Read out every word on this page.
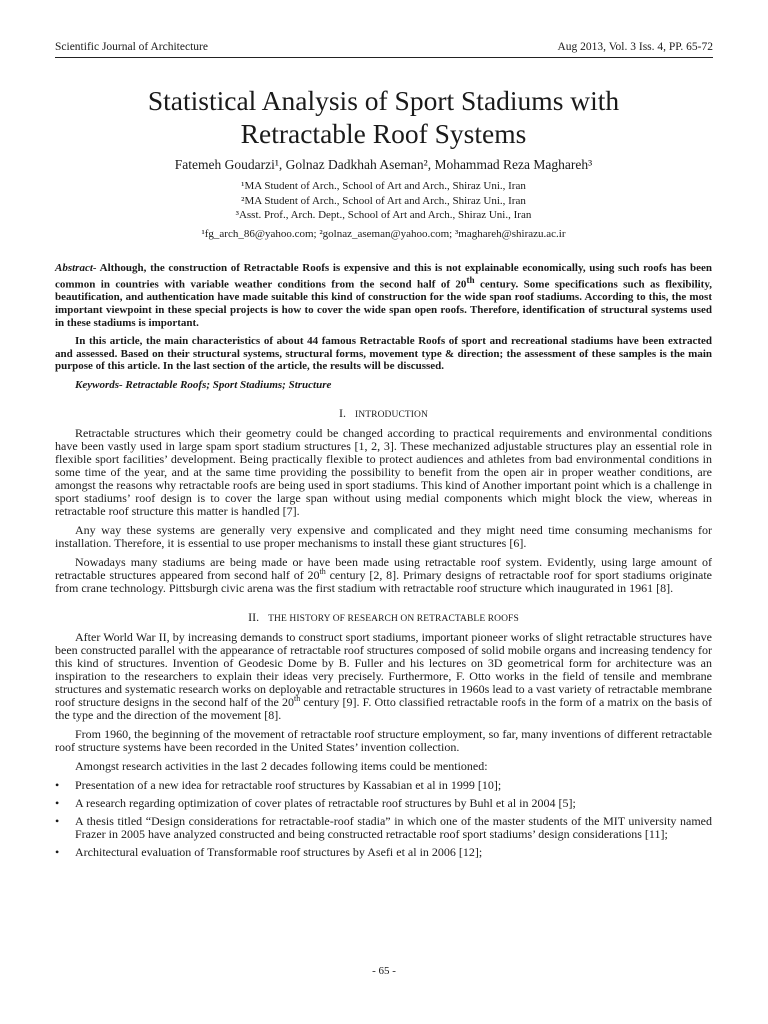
Scientific Journal of Architecture	Aug 2013, Vol. 3 Iss. 4, PP. 65-72
Statistical Analysis of Sport Stadiums with
Retractable Roof Systems
Fatemeh Goudarzi¹, Golnaz Dadkhah Aseman², Mohammad Reza Maghareh³
¹MA Student of Arch., School of Art and Arch., Shiraz Uni., Iran
²MA Student of Arch., School of Art and Arch., Shiraz Uni., Iran
³Asst. Prof., Arch. Dept., School of Art and Arch., Shiraz Uni., Iran
¹fg_arch_86@yahoo.com; ²golnaz_aseman@yahoo.com; ³maghareh@shirazu.ac.ir

Abstract- Although, the construction of Retractable Roofs is expensive and this is not explainable economically, using such roofs has been common in countries with variable weather conditions from the second half of 20th century. Some specifications such as flexibility, beautification, and authentication have made suitable this kind of construction for the wide span roof stadiums. According to this, the most important viewpoint in these special projects is how to cover the wide span open roofs. Therefore, identification of structural systems used in these stadiums is important.

In this article, the main characteristics of about 44 famous Retractable Roofs of sport and recreational stadiums have been extracted and assessed. Based on their structural systems, structural forms, movement type & direction; the assessment of these samples is the main purpose of this article. In the last section of the article, the results will be discussed.

Keywords- Retractable Roofs; Sport Stadiums; Structure
I. INTRODUCTION

Retractable structures which their geometry could be changed according to practical requirements and environmental conditions have been vastly used in large spam sport stadium structures [1, 2, 3]. These mechanized adjustable structures play an essential role in flexible sport facilities’ development. Being practically flexible to protect audiences and athletes from bad environmental conditions in some time of the year, and at the same time providing the possibility to benefit from the open air in proper weather conditions, are amongst the reasons why retractable roofs are being used in sport stadiums. This kind of Another important point which is a challenge in sport stadiums’ roof design is to cover the large span without using medial components which might block the view, whereas in retractable roof structure this matter is handled [7].

Any way these systems are generally very expensive and complicated and they might need time consuming mechanisms for installation. Therefore, it is essential to use proper mechanisms to install these giant structures [6].

Nowadays many stadiums are being made or have been made using retractable roof system. Evidently, using large amount of retractable structures appeared from second half of 20th century [2, 8]. Primary designs of retractable roof for sport stadiums originate from crane technology. Pittsburgh civic arena was the first stadium with retractable roof structure which inaugurated in 1961 [8].

II. THE HISTORY OF RESEARCH ON RETRACTABLE ROOFS

After World War II, by increasing demands to construct sport stadiums, important pioneer works of slight retractable structures have been constructed parallel with the appearance of retractable roof structures composed of solid mobile organs and increasing tendency for this kind of structures. Invention of Geodesic Dome by B. Fuller and his lectures on 3D geometrical form for architecture was an inspiration to the researchers to explain their ideas very precisely. Furthermore, F. Otto works in the field of tensile and membrane structures and systematic research works on deployable and retractable structures in 1960s lead to a vast variety of retractable membrane roof structure designs in the second half of the 20th century [9]. F. Otto classified retractable roofs in the form of a matrix on the basis of the type and the direction of the movement [8].

From 1960, the beginning of the movement of retractable roof structure employment, so far, many inventions of different retractable roof structure systems have been recorded in the United States’ invention collection.

Amongst research activities in the last 2 decades following items could be mentioned:

•	Presentation of a new idea for retractable roof structures by Kassabian et al in 1999 [10];
•	A research regarding optimization of cover plates of retractable roof structures by Buhl et al in 2004 [5];
•	A thesis titled “Design considerations for retractable-roof stadia” in which one of the master students of the MIT university named Frazer in 2005 have analyzed constructed and being constructed retractable roof sport stadiums’ design considerations [11];
•	Architectural evaluation of Transformable roof structures by Asefi et al in 2006 [12];
- 65 -
